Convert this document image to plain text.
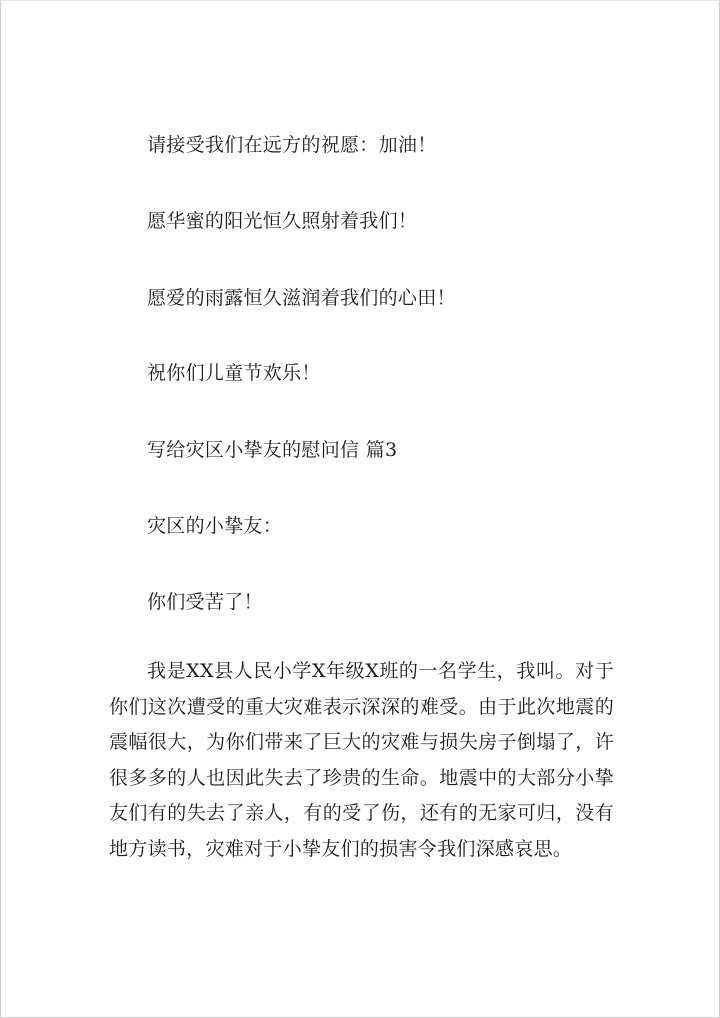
请接受我们在远方的祝愿：加油！
愿华蜜的阳光恒久照射着我们！
愿爱的雨露恒久滋润着我们的心田！
祝你们儿童节欢乐！
写给灾区小挚友的慰问信 篇3
灾区的小挚友：
你们受苦了！

我是XX县人民小学X年级X班的一名学生，我叫。对于你们这次遭受的重大灾难表示深深的难受。由于此次地震的震幅很大，为你们带来了巨大的灾难与损失房子倒塌了，许很多多的人也因此失去了珍贵的生命。地震中的大部分小挚友们有的失去了亲人，有的受了伤，还有的无家可归，没有地方读书，灾难对于小挚友们的损害令我们深感哀思。
